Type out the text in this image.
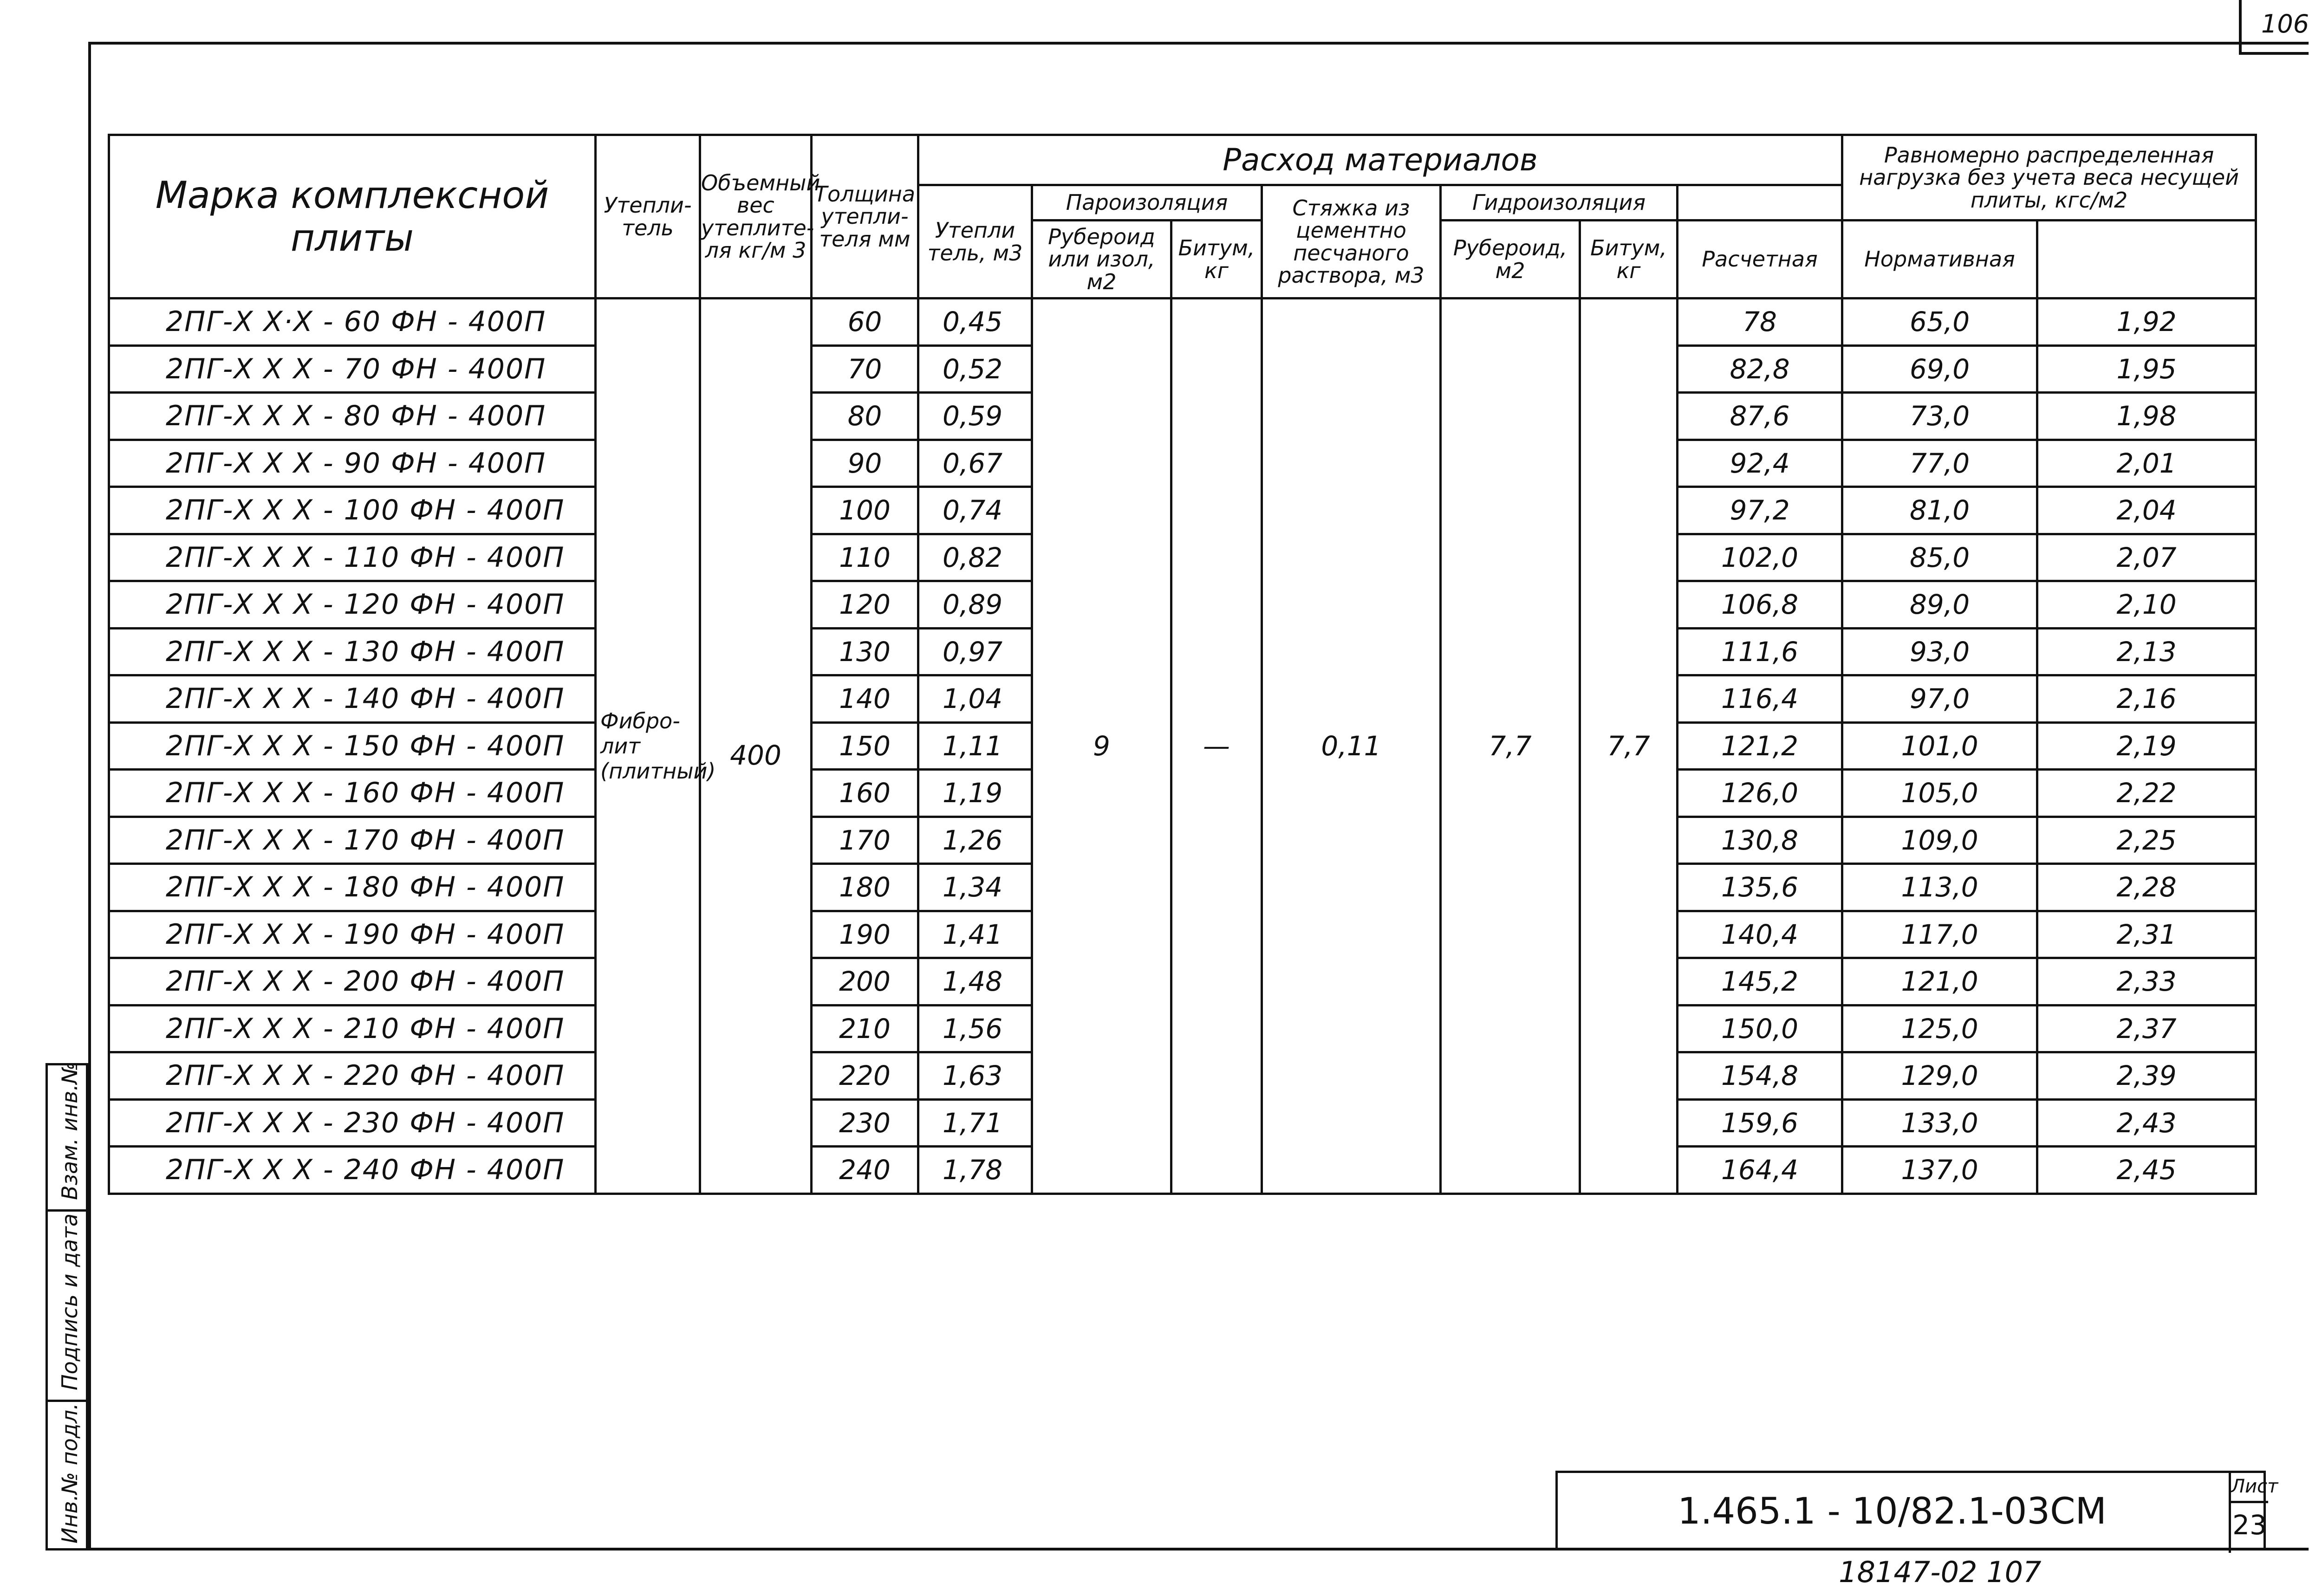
106
Марка комплексной плиты	Утепли- тель	Объемный вес утеплите- ля кг/м 3	Толщина утепли- теля мм	Расход материалов							Равномерно распределенная нагрузка без учета веса несущей плиты, кгс/м2	
				Утепли тель, м3	Пароизоляция		Стяжка из цементно песчаного раствора, м3	Гидроизоляция					
					Рубероид или изол, м2	Битум, кг		Рубероид, м2	Битум, кг	Расчетная	Нормативная		
2ПГ-Х Х·Х - 60 ФН - 400П	Фибро- лит (плитный)	400	60	0,45	9	—	0,11	7,7	7,7	78	65,0	1,92	
2ПГ-Х Х Х - 70 ФН - 400П			70	0,52						82,8	69,0	1,95	
2ПГ-Х Х Х - 80 ФН - 400П			80	0,59						87,6	73,0	1,98	
2ПГ-Х Х Х - 90 ФН - 400П			90	0,67						92,4	77,0	2,01	
2ПГ-Х Х Х - 100 ФН - 400П			100	0,74						97,2	81,0	2,04	
2ПГ-Х Х Х - 110 ФН - 400П			110	0,82						102,0	85,0	2,07	
2ПГ-Х Х Х - 120 ФН - 400П			120	0,89						106,8	89,0	2,10	
2ПГ-Х Х Х - 130 ФН - 400П			130	0,97						111,6	93,0	2,13	
2ПГ-Х Х Х - 140 ФН - 400П			140	1,04						116,4	97,0	2,16	
2ПГ-Х Х Х - 150 ФН - 400П			150	1,11						121,2	101,0	2,19	
2ПГ-Х Х Х - 160 ФН - 400П			160	1,19						126,0	105,0	2,22	
2ПГ-Х Х Х - 170 ФН - 400П			170	1,26						130,8	109,0	2,25	
2ПГ-Х Х Х - 180 ФН - 400П			180	1,34						135,6	113,0	2,28	
2ПГ-Х Х Х - 190 ФН - 400П			190	1,41						140,4	117,0	2,31	
2ПГ-Х Х Х - 200 ФН - 400П			200	1,48						145,2	121,0	2,33	
2ПГ-Х Х Х - 210 ФН - 400П			210	1,56						150,0	125,0	2,37	
2ПГ-Х Х Х - 220 ФН - 400П			220	1,63						154,8	129,0	2,39	
2ПГ-Х Х Х - 230 ФН - 400П			230	1,71						159,6	133,0	2,43	
2ПГ-Х Х Х - 240 ФН - 400П			240	1,78						164,4	137,0	2,45	
Взам. инв.№
Подпись и дата
Инв.№ подл.	1.465.1 - 10/82.1-03СМ
Лист
23
18147-02 107
